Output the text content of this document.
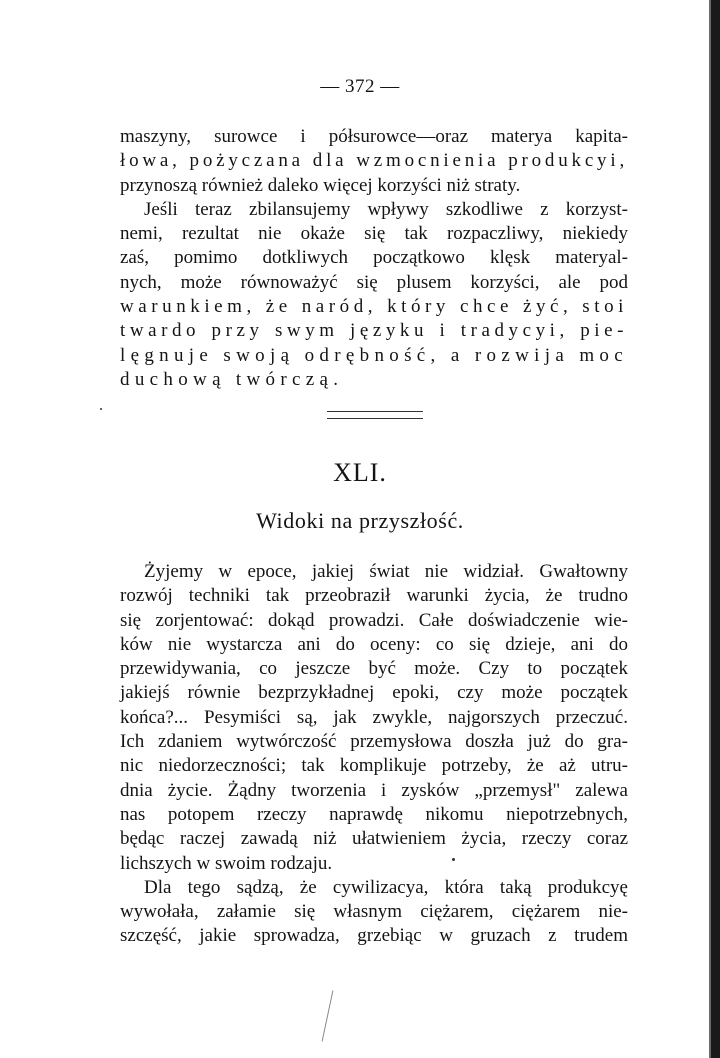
— 372 —
maszyny, surowce i półsurowce—oraz materya kapita-
łowa, pożyczana dla wzmocnienia produkcyi,
przynoszą również daleko więcej korzyści niż straty.
Jeśli teraz zbilansujemy wpływy szkodliwe z korzyst-
nemi, rezultat nie okaże się tak rozpaczliwy, niekiedy
zaś, pomimo dotkliwych początkowo klęsk materyal-
nych, może równoważyć się plusem korzyści, ale pod
warunkiem, że naród, który chce żyć, stoi
twardo przy swym języku i tradycyi, pie-
lęgnuje swoją odrębność, a rozwija moc
duchową twórczą.
XLI.
Widoki na przyszłość.
Żyjemy w epoce, jakiej świat nie widział. Gwałtowny
rozwój techniki tak przeobraził warunki życia, że trudno
się zorjentować: dokąd prowadzi. Całe doświadczenie wie-
ków nie wystarcza ani do oceny: co się dzieje, ani do
przewidywania, co jeszcze być może. Czy to początek
jakiejś równie bezprzykładnej epoki, czy może początek
końca?... Pesymiści są, jak zwykle, najgorszych przeczuć.
Ich zdaniem wytwórczość przemysłowa doszła już do gra-
nic niedorzeczności; tak komplikuje potrzeby, że aż utru-
dnia życie. Żądny tworzenia i zysków „przemysł" zalewa
nas potopem rzeczy naprawdę nikomu niepotrzebnych,
będąc raczej zawadą niż ułatwieniem życia, rzeczy coraz
lichszych w swoim rodzaju.
Dla tego sądzą, że cywilizacya, która taką produkcyę
wywołała, załamie się własnym ciężarem, ciężarem nie-
szczęść, jakie sprowadza, grzebiąc w gruzach z trudem
